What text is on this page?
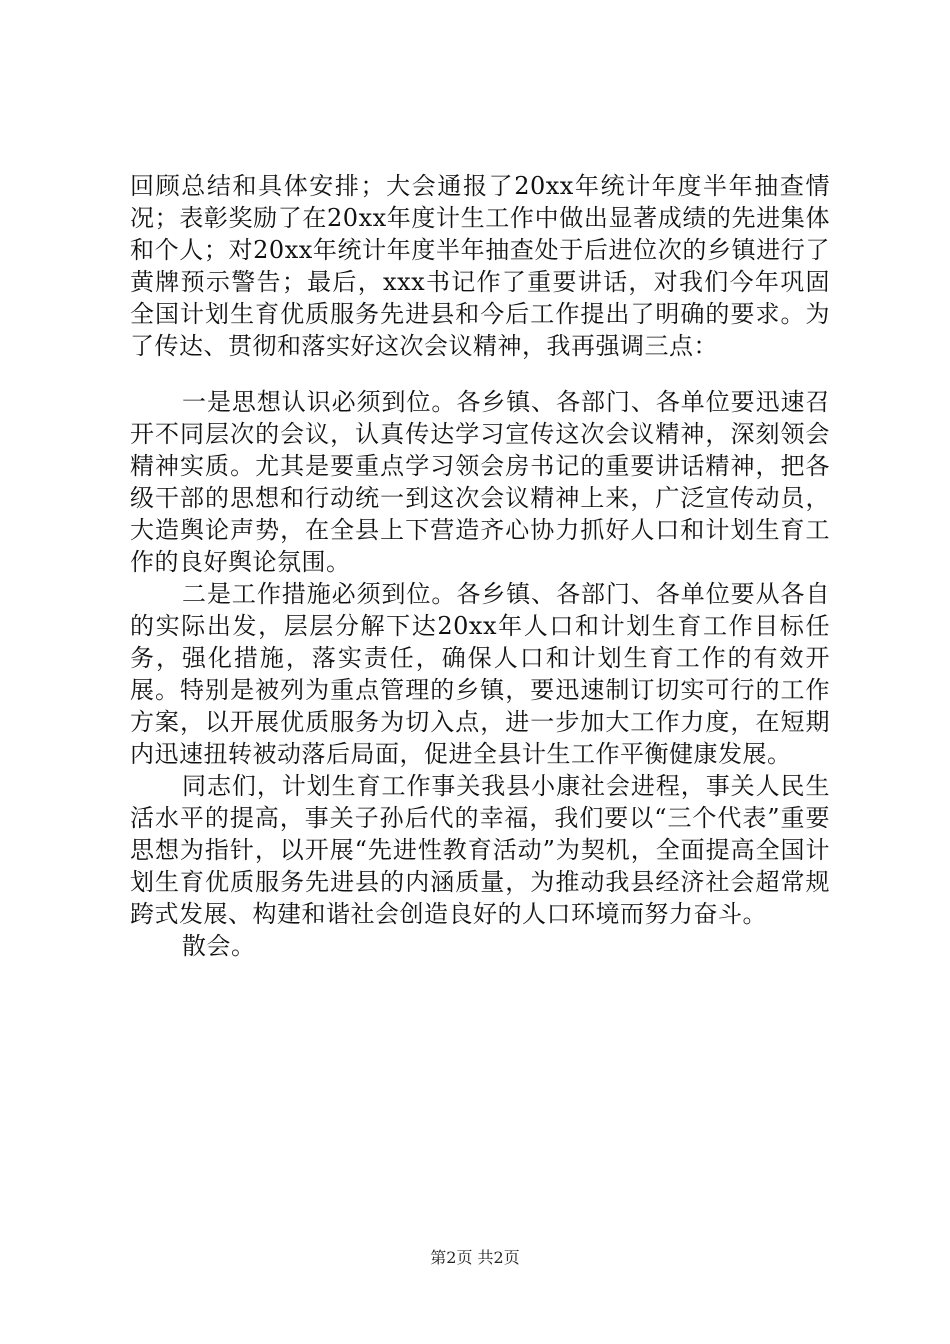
回顾总结和具体安排；大会通报了20xx年统计年度半年抽查情况；表彰奖励了在20xx年度计生工作中做出显著成绩的先进集体和个人；对20xx年统计年度半年抽查处于后进位次的乡镇进行了黄牌预示警告；最后，xxx书记作了重要讲话，对我们今年巩固全国计划生育优质服务先进县和今后工作提出了明确的要求。为了传达、贯彻和落实好这次会议精神，我再强调三点：

一是思想认识必须到位。各乡镇、各部门、各单位要迅速召开不同层次的会议，认真传达学习宣传这次会议精神，深刻领会精神实质。尤其是要重点学习领会房书记的重要讲话精神，把各级干部的思想和行动统一到这次会议精神上来，广泛宣传动员，大造舆论声势，在全县上下营造齐心协力抓好人口和计划生育工作的良好舆论氛围。

二是工作措施必须到位。各乡镇、各部门、各单位要从各自的实际出发，层层分解下达20xx年人口和计划生育工作目标任务，强化措施，落实责任，确保人口和计划生育工作的有效开展。特别是被列为重点管理的乡镇，要迅速制订切实可行的工作方案，以开展优质服务为切入点，进一步加大工作力度，在短期内迅速扭转被动落后局面，促进全县计生工作平衡健康发展。

同志们，计划生育工作事关我县小康社会进程，事关人民生活水平的提高，事关子孙后代的幸福，我们要以“三个代表”重要思想为指针，以开展“先进性教育活动”为契机，全面提高全国计划生育优质服务先进县的内涵质量，为推动我县经济社会超常规跨式发展、构建和谐社会创造良好的人口环境而努力奋斗。

散会。

第2页 共2页
